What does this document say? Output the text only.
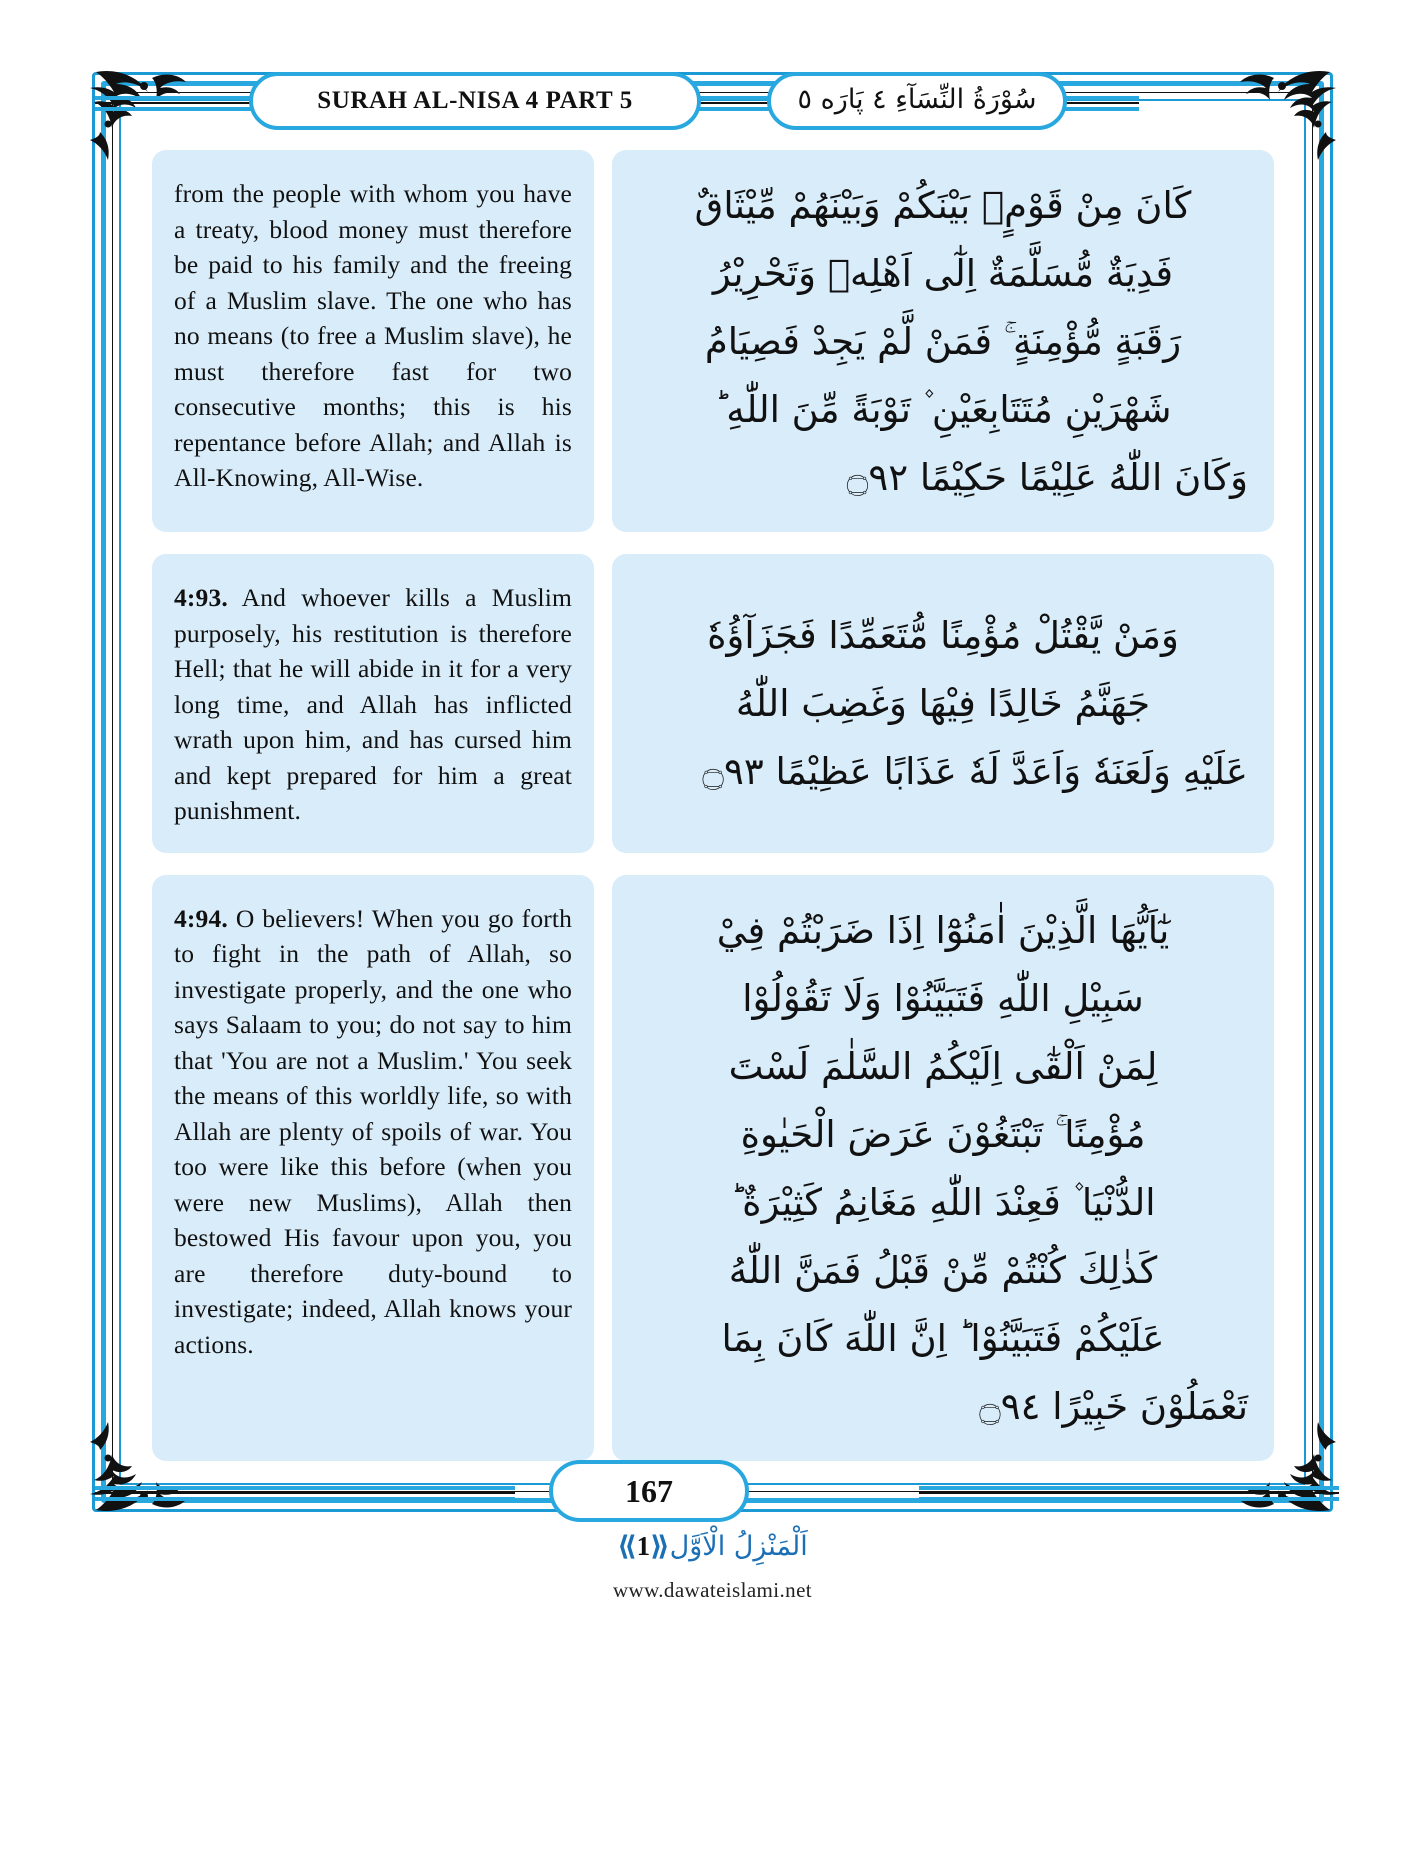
SURAH AL-NISA 4 PART 5	سُوْرَةُ النِّسَآءِ ٤ پَارَه ٥

from the people with whom you have a treaty, blood money must therefore be paid to his family and the freeing of a Muslim slave. The one who has no means (to free a Muslim slave), he must therefore fast for two consecutive months; this is his repentance before Allah; and Allah is All-Knowing, All-Wise.

كَانَ مِنْ قَوْمٍۭ بَيْنَكُمْ وَبَيْنَهُمْ مِّيْثَاقٌ

فَدِيَةٌ مُّسَلَّمَةٌ اِلٰٓى اَهْلِهٖ وَتَحْرِيْرُ

رَقَبَةٍ مُّؤْمِنَةٍ ۚ فَمَنْ لَّمْ يَجِدْ فَصِيَامُ

شَهْرَيْنِ مُتَتَابِعَيْنِ ۫ تَوْبَةً مِّنَ اللّٰهِ ؕ

وَكَانَ اللّٰهُ عَلِيْمًا حَكِيْمًا ۝٩٢

4:93. And whoever kills a Muslim purposely, his restitution is therefore Hell; that he will abide in it for a very long time, and Allah has inflicted wrath upon him, and has cursed him and kept prepared for him a great punishment.

وَمَنْ يَّقْتُلْ مُؤْمِنًا مُّتَعَمِّدًا فَجَزَآؤُهٗ

جَهَنَّمُ خَالِدًا فِيْهَا وَغَضِبَ اللّٰهُ

عَلَيْهِ وَلَعَنَهٗ وَاَعَدَّ لَهٗ عَذَابًا عَظِيْمًا ۝٩٣

4:94. O believers! When you go forth to fight in the path of Allah, so investigate properly, and the one who says Salaam to you; do not say to him that 'You are not a Muslim.' You seek the means of this worldly life, so with Allah are plenty of spoils of war. You too were like this before (when you were new Muslims), Allah then bestowed His favour upon you, you are therefore duty-bound to investigate; indeed, Allah knows your actions.

يٰٓاَيُّهَا الَّذِيْنَ اٰمَنُوْٓا اِذَا ضَرَبْتُمْ فِيْ

سَبِيْلِ اللّٰهِ فَتَبَيَّنُوْا وَلَا تَقُوْلُوْا

لِمَنْ اَلْقٰٓى اِلَيْكُمُ السَّلٰمَ لَسْتَ

مُؤْمِنًا ۚ تَبْتَغُوْنَ عَرَضَ الْحَيٰوةِ

الدُّنْيَا ۫ فَعِنْدَ اللّٰهِ مَغَانِمُ كَثِيْرَةٌ ؕ

كَذٰلِكَ كُنْتُمْ مِّنْ قَبْلُ فَمَنَّ اللّٰهُ

عَلَيْكُمْ فَتَبَيَّنُوْا ؕ اِنَّ اللّٰهَ كَانَ بِمَا

تَعْمَلُوْنَ خَبِيْرًا ۝٩٤

167
اَلْمَنْزِلُ الْاَوَّل⟪1⟫
www.dawateislami.net
